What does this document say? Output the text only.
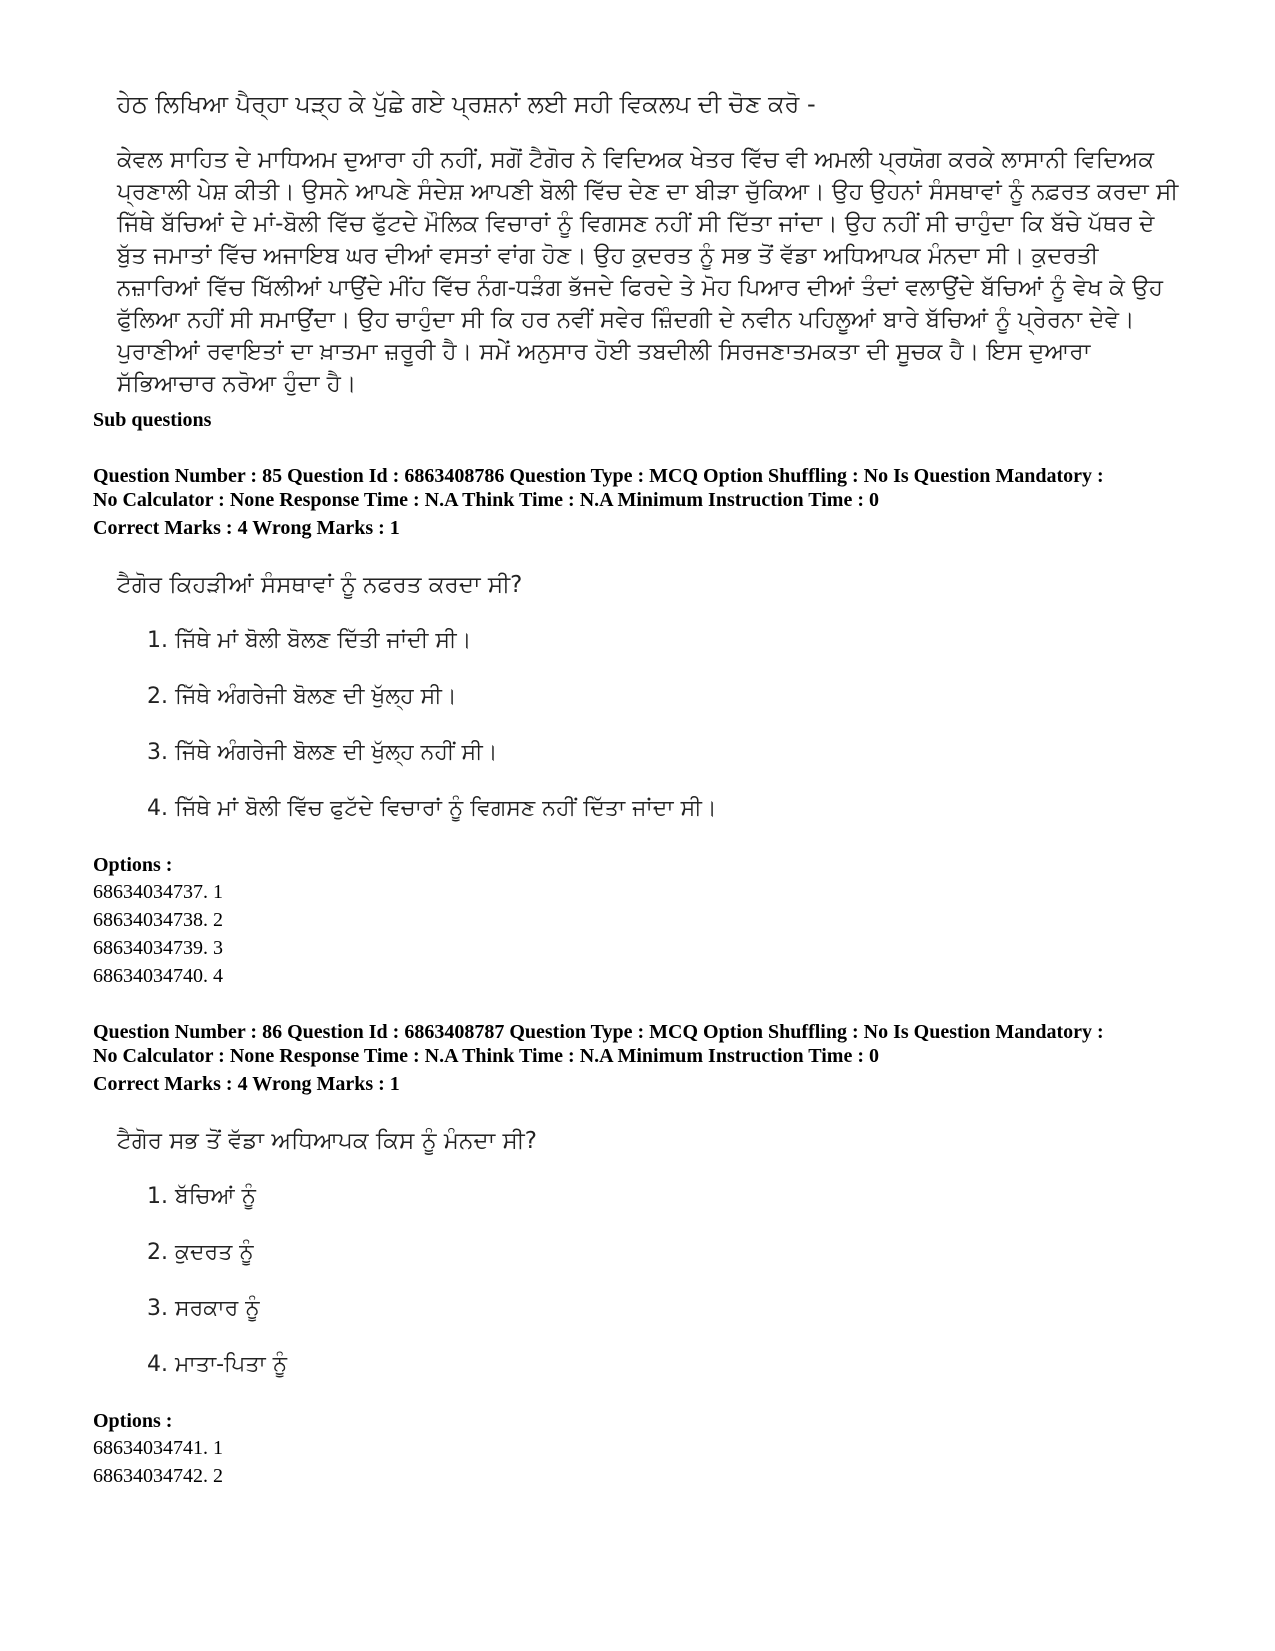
ਹੇਠ ਲਿਖਿਆ ਪੈਰ੍ਹਾ ਪੜ੍ਹ ਕੇ ਪੁੱਛੇ ਗਏ ਪ੍ਰਸ਼ਨਾਂ ਲਈ ਸਹੀ ਵਿਕਲਪ ਦੀ ਚੋਣ ਕਰੋ -
ਕੇਵਲ ਸਾਹਿਤ ਦੇ ਮਾਧਿਅਮ ਦੁਆਰਾ ਹੀ ਨਹੀਂ, ਸਗੋਂ ਟੈਗੋਰ ਨੇ ਵਿਦਿਅਕ ਖੇਤਰ ਵਿੱਚ ਵੀ ਅਮਲੀ ਪ੍ਰਯੋਗ ਕਰਕੇ ਲਾਸਾਨੀ ਵਿਦਿਅਕ
ਪ੍ਰਣਾਲੀ ਪੇਸ਼ ਕੀਤੀ। ਉਸਨੇ ਆਪਣੇ ਸੰਦੇਸ਼ ਆਪਣੀ ਬੋਲੀ ਵਿੱਚ ਦੇਣ ਦਾ ਬੀੜਾ ਚੁੱਕਿਆ। ਉਹ ਉਹਨਾਂ ਸੰਸਥਾਵਾਂ ਨੂੰ ਨਫ਼ਰਤ ਕਰਦਾ ਸੀ
ਜਿੱਥੇ ਬੱਚਿਆਂ ਦੇ ਮਾਂ-ਬੋਲੀ ਵਿੱਚ ਫੁੱਟਦੇ ਮੌਲਿਕ ਵਿਚਾਰਾਂ ਨੂੰ ਵਿਗਸਣ ਨਹੀਂ ਸੀ ਦਿੱਤਾ ਜਾਂਦਾ। ਉਹ ਨਹੀਂ ਸੀ ਚਾਹੁੰਦਾ ਕਿ ਬੱਚੇ ਪੱਥਰ ਦੇ
ਬੁੱਤ ਜਮਾਤਾਂ ਵਿੱਚ ਅਜਾਇਬ ਘਰ ਦੀਆਂ ਵਸਤਾਂ ਵਾਂਗ ਹੋਣ। ਉਹ ਕੁਦਰਤ ਨੂੰ ਸਭ ਤੋਂ ਵੱਡਾ ਅਧਿਆਪਕ ਮੰਨਦਾ ਸੀ। ਕੁਦਰਤੀ
ਨਜ਼ਾਰਿਆਂ ਵਿੱਚ ਖਿੱਲੀਆਂ ਪਾਉਂਦੇ ਮੀਂਹ ਵਿੱਚ ਨੰਗ-ਧੜੰਗ ਭੱਜਦੇ ਫਿਰਦੇ ਤੇ ਮੋਹ ਪਿਆਰ ਦੀਆਂ ਤੰਦਾਂ ਵਲਾਉਂਦੇ ਬੱਚਿਆਂ ਨੂੰ ਵੇਖ ਕੇ ਉਹ
ਫੁੱਲਿਆ ਨਹੀਂ ਸੀ ਸਮਾਉਂਦਾ। ਉਹ ਚਾਹੁੰਦਾ ਸੀ ਕਿ ਹਰ ਨਵੀਂ ਸਵੇਰ ਜ਼ਿੰਦਗੀ ਦੇ ਨਵੀਨ ਪਹਿਲੂਆਂ ਬਾਰੇ ਬੱਚਿਆਂ ਨੂੰ ਪ੍ਰੇਰਨਾ ਦੇਵੇ।
ਪੁਰਾਣੀਆਂ ਰਵਾਇਤਾਂ ਦਾ ਖ਼ਾਤਮਾ ਜ਼ਰੂਰੀ ਹੈ। ਸਮੇਂ ਅਨੁਸਾਰ ਹੋਈ ਤਬਦੀਲੀ ਸਿਰਜਣਾਤਮਕਤਾ ਦੀ ਸੂਚਕ ਹੈ। ਇਸ ਦੁਆਰਾ
ਸੱਭਿਆਚਾਰ ਨਰੋਆ ਹੁੰਦਾ ਹੈ।
Sub questions
Question Number : 85 Question Id : 6863408786 Question Type : MCQ Option Shuffling : No Is Question Mandatory :
No Calculator : None Response Time : N.A Think Time : N.A Minimum Instruction Time : 0
Correct Marks : 4 Wrong Marks : 1
ਟੈਗੋਰ ਕਿਹੜੀਆਂ ਸੰਸਥਾਵਾਂ ਨੂੰ ਨਫਰਤ ਕਰਦਾ ਸੀ?
1. ਜਿੱਥੇ ਮਾਂ ਬੋਲੀ ਬੋਲਣ ਦਿੱਤੀ ਜਾਂਦੀ ਸੀ।
2. ਜਿੱਥੇ ਅੰਗਰੇਜੀ ਬੋਲਣ ਦੀ ਖੁੱਲ੍ਹ ਸੀ।
3. ਜਿੱਥੇ ਅੰਗਰੇਜੀ ਬੋਲਣ ਦੀ ਖੁੱਲ੍ਹ ਨਹੀਂ ਸੀ।
4. ਜਿੱਥੇ ਮਾਂ ਬੋਲੀ ਵਿੱਚ ਫੁਟੱਦੇ ਵਿਚਾਰਾਂ ਨੂੰ ਵਿਗਸਣ ਨਹੀਂ ਦਿੱਤਾ ਜਾਂਦਾ ਸੀ।
Options :
68634034737. 1
68634034738. 2
68634034739. 3
68634034740. 4
Question Number : 86 Question Id : 6863408787 Question Type : MCQ Option Shuffling : No Is Question Mandatory :
No Calculator : None Response Time : N.A Think Time : N.A Minimum Instruction Time : 0
Correct Marks : 4 Wrong Marks : 1
ਟੈਗੋਰ ਸਭ ਤੋਂ ਵੱਡਾ ਅਧਿਆਪਕ ਕਿਸ ਨੂੰ ਮੰਨਦਾ ਸੀ?
1. ਬੱਚਿਆਂ ਨੂੰ
2. ਕੁਦਰਤ ਨੂੰ
3. ਸਰਕਾਰ ਨੂੰ
4. ਮਾਤਾ-ਪਿਤਾ ਨੂੰ
Options :
68634034741. 1
68634034742. 2
